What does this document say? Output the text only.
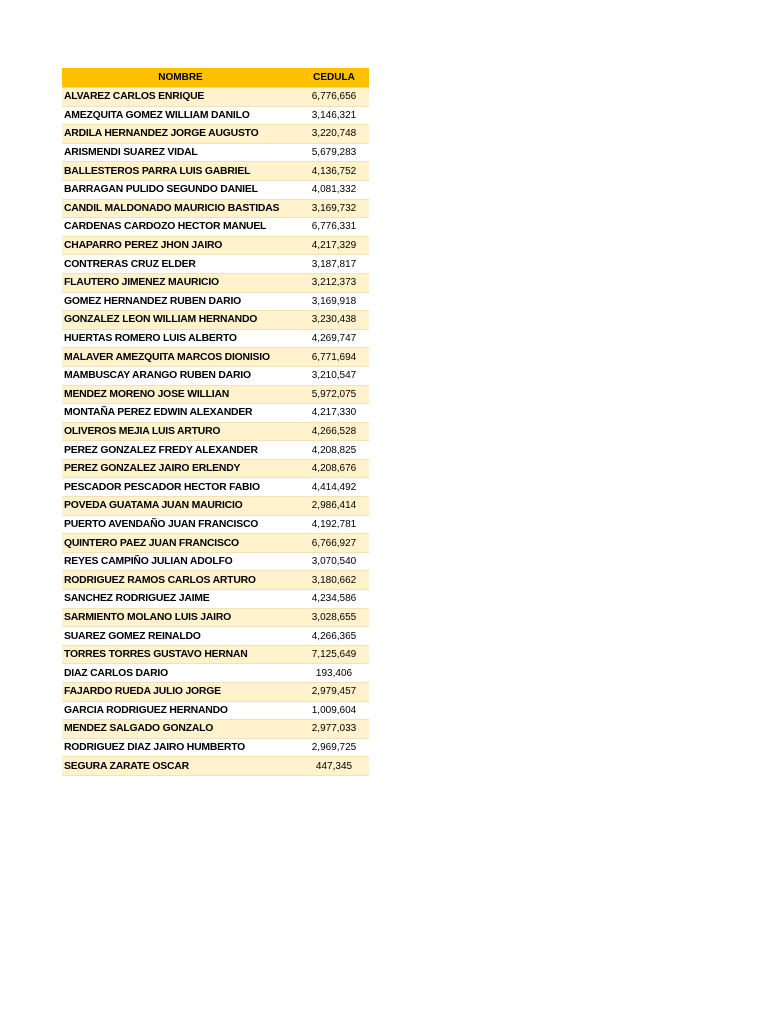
NOMBRE	CEDULA
ALVAREZ CARLOS ENRIQUE	6,776,656
AMEZQUITA GOMEZ WILLIAM DANILO	3,146,321
ARDILA HERNANDEZ JORGE AUGUSTO	3,220,748
ARISMENDI SUAREZ VIDAL	5,679,283
BALLESTEROS PARRA LUIS GABRIEL	4,136,752
BARRAGAN PULIDO SEGUNDO DANIEL	4,081,332
CANDIL MALDONADO MAURICIO BASTIDAS	3,169,732
CARDENAS CARDOZO HECTOR MANUEL	6,776,331
CHAPARRO PEREZ JHON JAIRO	4,217,329
CONTRERAS CRUZ ELDER	3,187,817
FLAUTERO JIMENEZ MAURICIO	3,212,373
GOMEZ HERNANDEZ RUBEN DARIO	3,169,918
GONZALEZ LEON WILLIAM HERNANDO	3,230,438
HUERTAS ROMERO LUIS ALBERTO	4,269,747
MALAVER AMEZQUITA MARCOS DIONISIO	6,771,694
MAMBUSCAY ARANGO RUBEN DARIO	3,210,547
MENDEZ MORENO JOSE WILLIAN	5,972,075
MONTAÑA PEREZ EDWIN ALEXANDER	4,217,330
OLIVEROS MEJIA LUIS ARTURO	4,266,528
PEREZ GONZALEZ FREDY ALEXANDER	4,208,825
PEREZ GONZALEZ JAIRO ERLENDY	4,208,676
PESCADOR PESCADOR HECTOR FABIO	4,414,492
POVEDA GUATAMA JUAN MAURICIO	2,986,414
PUERTO AVENDAÑO JUAN FRANCISCO	4,192,781
QUINTERO PAEZ JUAN FRANCISCO	6,766,927
REYES CAMPIÑO JULIAN ADOLFO	3,070,540
RODRIGUEZ RAMOS CARLOS ARTURO	3,180,662
SANCHEZ RODRIGUEZ JAIME	4,234,586
SARMIENTO MOLANO LUIS JAIRO	3,028,655
SUAREZ GOMEZ REINALDO	4,266,365
TORRES TORRES GUSTAVO HERNAN	7,125,649
DIAZ CARLOS DARIO	193,406
FAJARDO RUEDA JULIO JORGE	2,979,457
GARCIA RODRIGUEZ HERNANDO	1,009,604
MENDEZ SALGADO GONZALO	2,977,033
RODRIGUEZ DIAZ JAIRO HUMBERTO	2,969,725
SEGURA ZARATE OSCAR	447,345
